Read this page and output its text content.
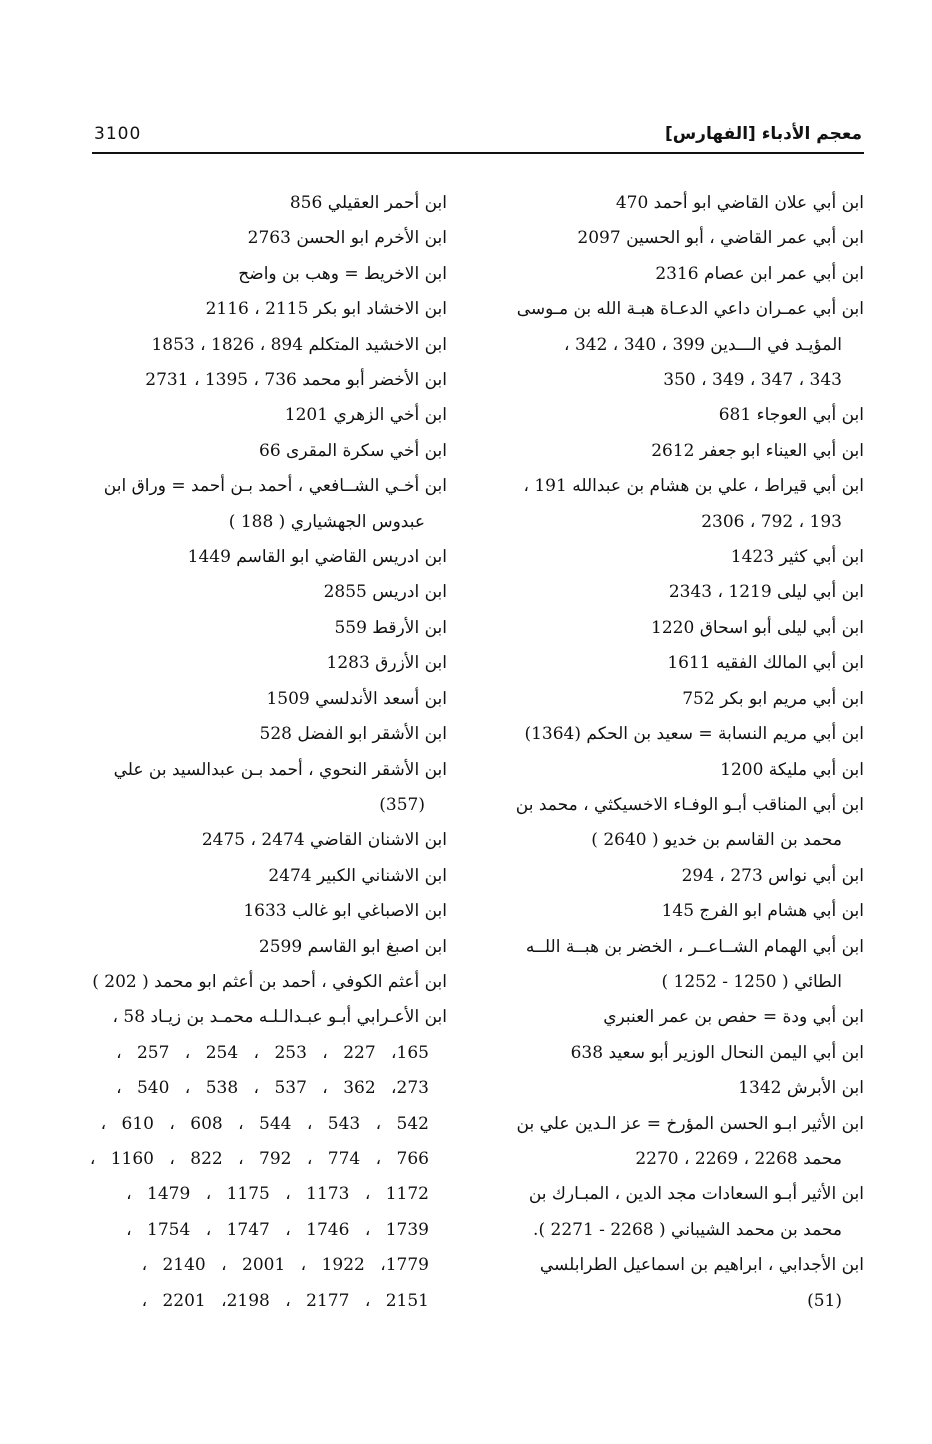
معجم الأدباء [الفهارس]
3100

ابن أبي علان القاضي ابو أحمد 470

ابن أبي عمر القاضي ، أبو الحسين 2097

ابن أبي عمر ابن عصام 2316

ابن أبي عمـران داعي الدعـاة هبـة الله بن مـوسى

المؤيـد في الـــدين 399 ، 340 ، 342 ،

343 ، 347 ، 349 ، 350

ابن أبي العوجاء 681

ابن أبي العيناء ابو جعفر 2612

ابن أبي قيراط ، علي بن هشام بن عبدالله 191 ،

193 ، 792 ، 2306

ابن أبي كثير 1423

ابن أبي ليلى 1219 ، 2343

ابن أبي ليلى أبو اسحاق 1220

ابن أبي المالك الفقيه 1611

ابن أبي مريم ابو بكر 752

ابن أبي مريم النسابة = سعيد بن الحكم (1364)

ابن أبي مليكة 1200

ابن أبي المناقب أبـو الوفـاء الاخسيكثي ، محمد بن

محمد بن القاسم بن خديو ( 2640 )

ابن أبي نواس 273 ، 294

ابن أبي هشام ابو الفرج 145

ابن أبي الهمام الشــاعــر ، الخضر بن هبــة اللــه

الطائي ( 1250 - 1252 )

ابن أبي ودة = حفص بن عمر العنبري

ابن أبي اليمن النحال الوزير أبو سعيد 638

ابن الأبرش 1342

ابن الأثير ابـو الحسن المؤرخ = عز الـدين علي بن

محمد 2268 ، 2269 ، 2270

ابن الأثير أبـو السعادات مجد الدين ، المبـارك بن

محمد بن محمد الشيباني ( 2268 - 2271 ).

ابن الأجدابي ، ابراهيم بن اسماعيل الطرابلسي

(51)

ابن أحمر العقيلي 856

ابن الأخرم ابو الحسن 2763

ابن الاخريط = وهب بن واضح

ابن الاخشاد ابو بكر 2115 ، 2116

ابن الاخشيد المتكلم 894 ، 1826 ، 1853

ابن الأخضر أبو محمد 736 ، 1395 ، 2731

ابن أخي الزهري 1201

ابن أخي سكرة المقرى 66

ابن أخـي الشــافعي ، أحمد بـن أحمد = وراق ابن

عبدوس الجهشياري ( 188 )

ابن ادريس القاضي ابو القاسم 1449

ابن ادريس 2855

ابن الأرقط 559

ابن الأزرق 1283

ابن أسعد الأندلسي 1509

ابن الأشقر ابو الفضل 528

ابن الأشقر النحوي ، أحمد بـن عبدالسيد بن علي

(357)

ابن الاشنان القاضي 2474 ، 2475

ابن الاشناني الكبير 2474

ابن الاصباغي ابو غالب 1633

ابن اصبغ ابو القاسم 2599

ابن أعثم الكوفي ، أحمد بن أعثم ابو محمد ( 202 )

ابن الأعـرابي أبـو عبـدالـلـه محمـد بن زيـاد 58 ،

165، 227 ، 253 ، 254 ، 257 ،

273، 362 ، 537 ، 538 ، 540 ،

542 ، 543 ، 544 ، 608 ، 610 ،

766 ، 774 ، 792 ، 822 ، 1160 ،

1172 ، 1173 ، 1175 ، 1479 ،

1739 ، 1746 ، 1747 ، 1754 ،

1779، 1922 ، 2001 ، 2140 ،

2151 ، 2177 ، 2198، 2201 ،
